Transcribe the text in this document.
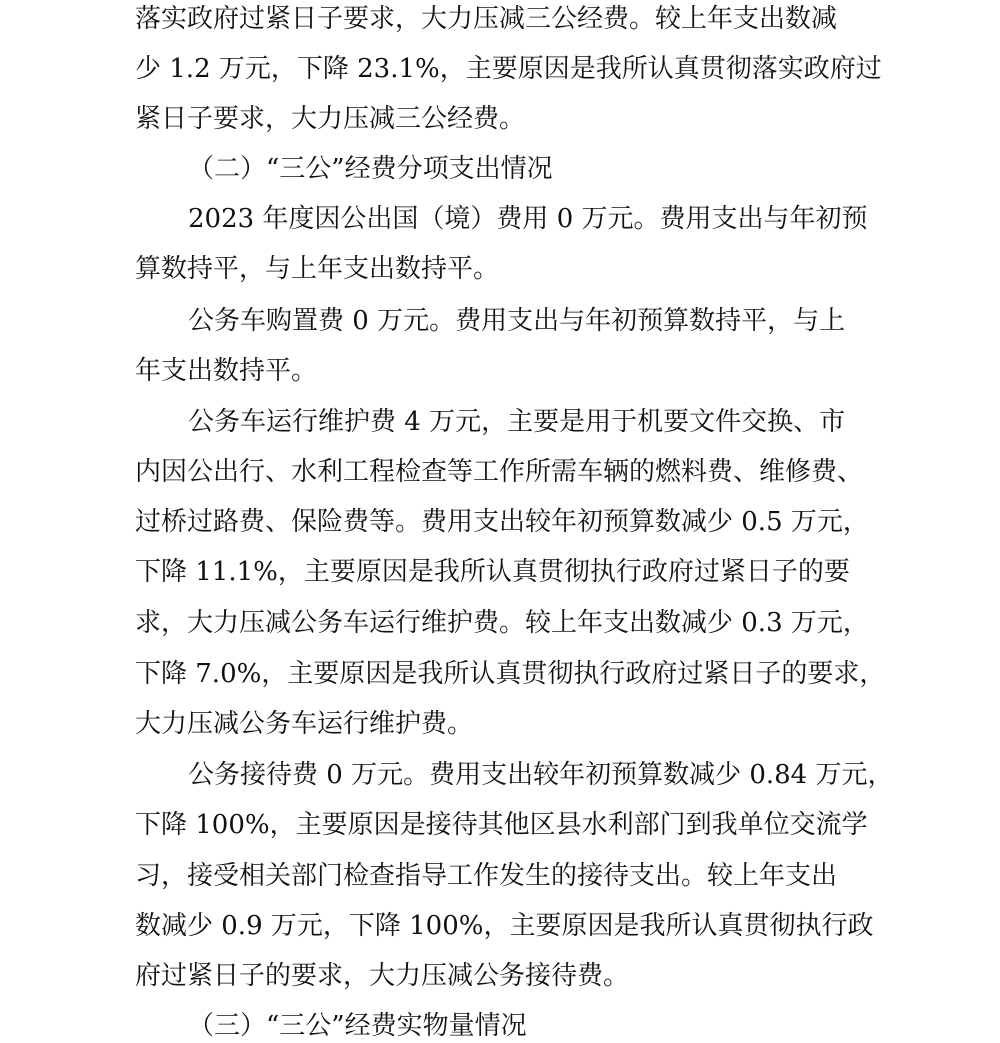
落实政府过紧日子要求，大力压减三公经费。较上年支出数减
少 1.2 万元，下降 23.1%，主要原因是我所认真贯彻落实政府过
紧日子要求，大力压减三公经费。
（二）“三公”经费分项支出情况
2023 年度因公出国（境）费用 0 万元。费用支出与年初预
算数持平，与上年支出数持平。
公务车购置费 0 万元。费用支出与年初预算数持平，与上
年支出数持平。
公务车运行维护费 4 万元，主要是用于机要文件交换、市
内因公出行、水利工程检查等工作所需车辆的燃料费、维修费、
过桥过路费、保险费等。费用支出较年初预算数减少 0.5 万元，
下降 11.1%，主要原因是我所认真贯彻执行政府过紧日子的要
求，大力压减公务车运行维护费。较上年支出数减少 0.3 万元，
下降 7.0%，主要原因是我所认真贯彻执行政府过紧日子的要求，
大力压减公务车运行维护费。
公务接待费 0 万元。费用支出较年初预算数减少 0.84 万元，
下降 100%，主要原因是接待其他区县水利部门到我单位交流学
习，接受相关部门检查指导工作发生的接待支出。较上年支出
数减少 0.9 万元，下降 100%，主要原因是我所认真贯彻执行政
府过紧日子的要求，大力压减公务接待费。
（三）“三公”经费实物量情况
